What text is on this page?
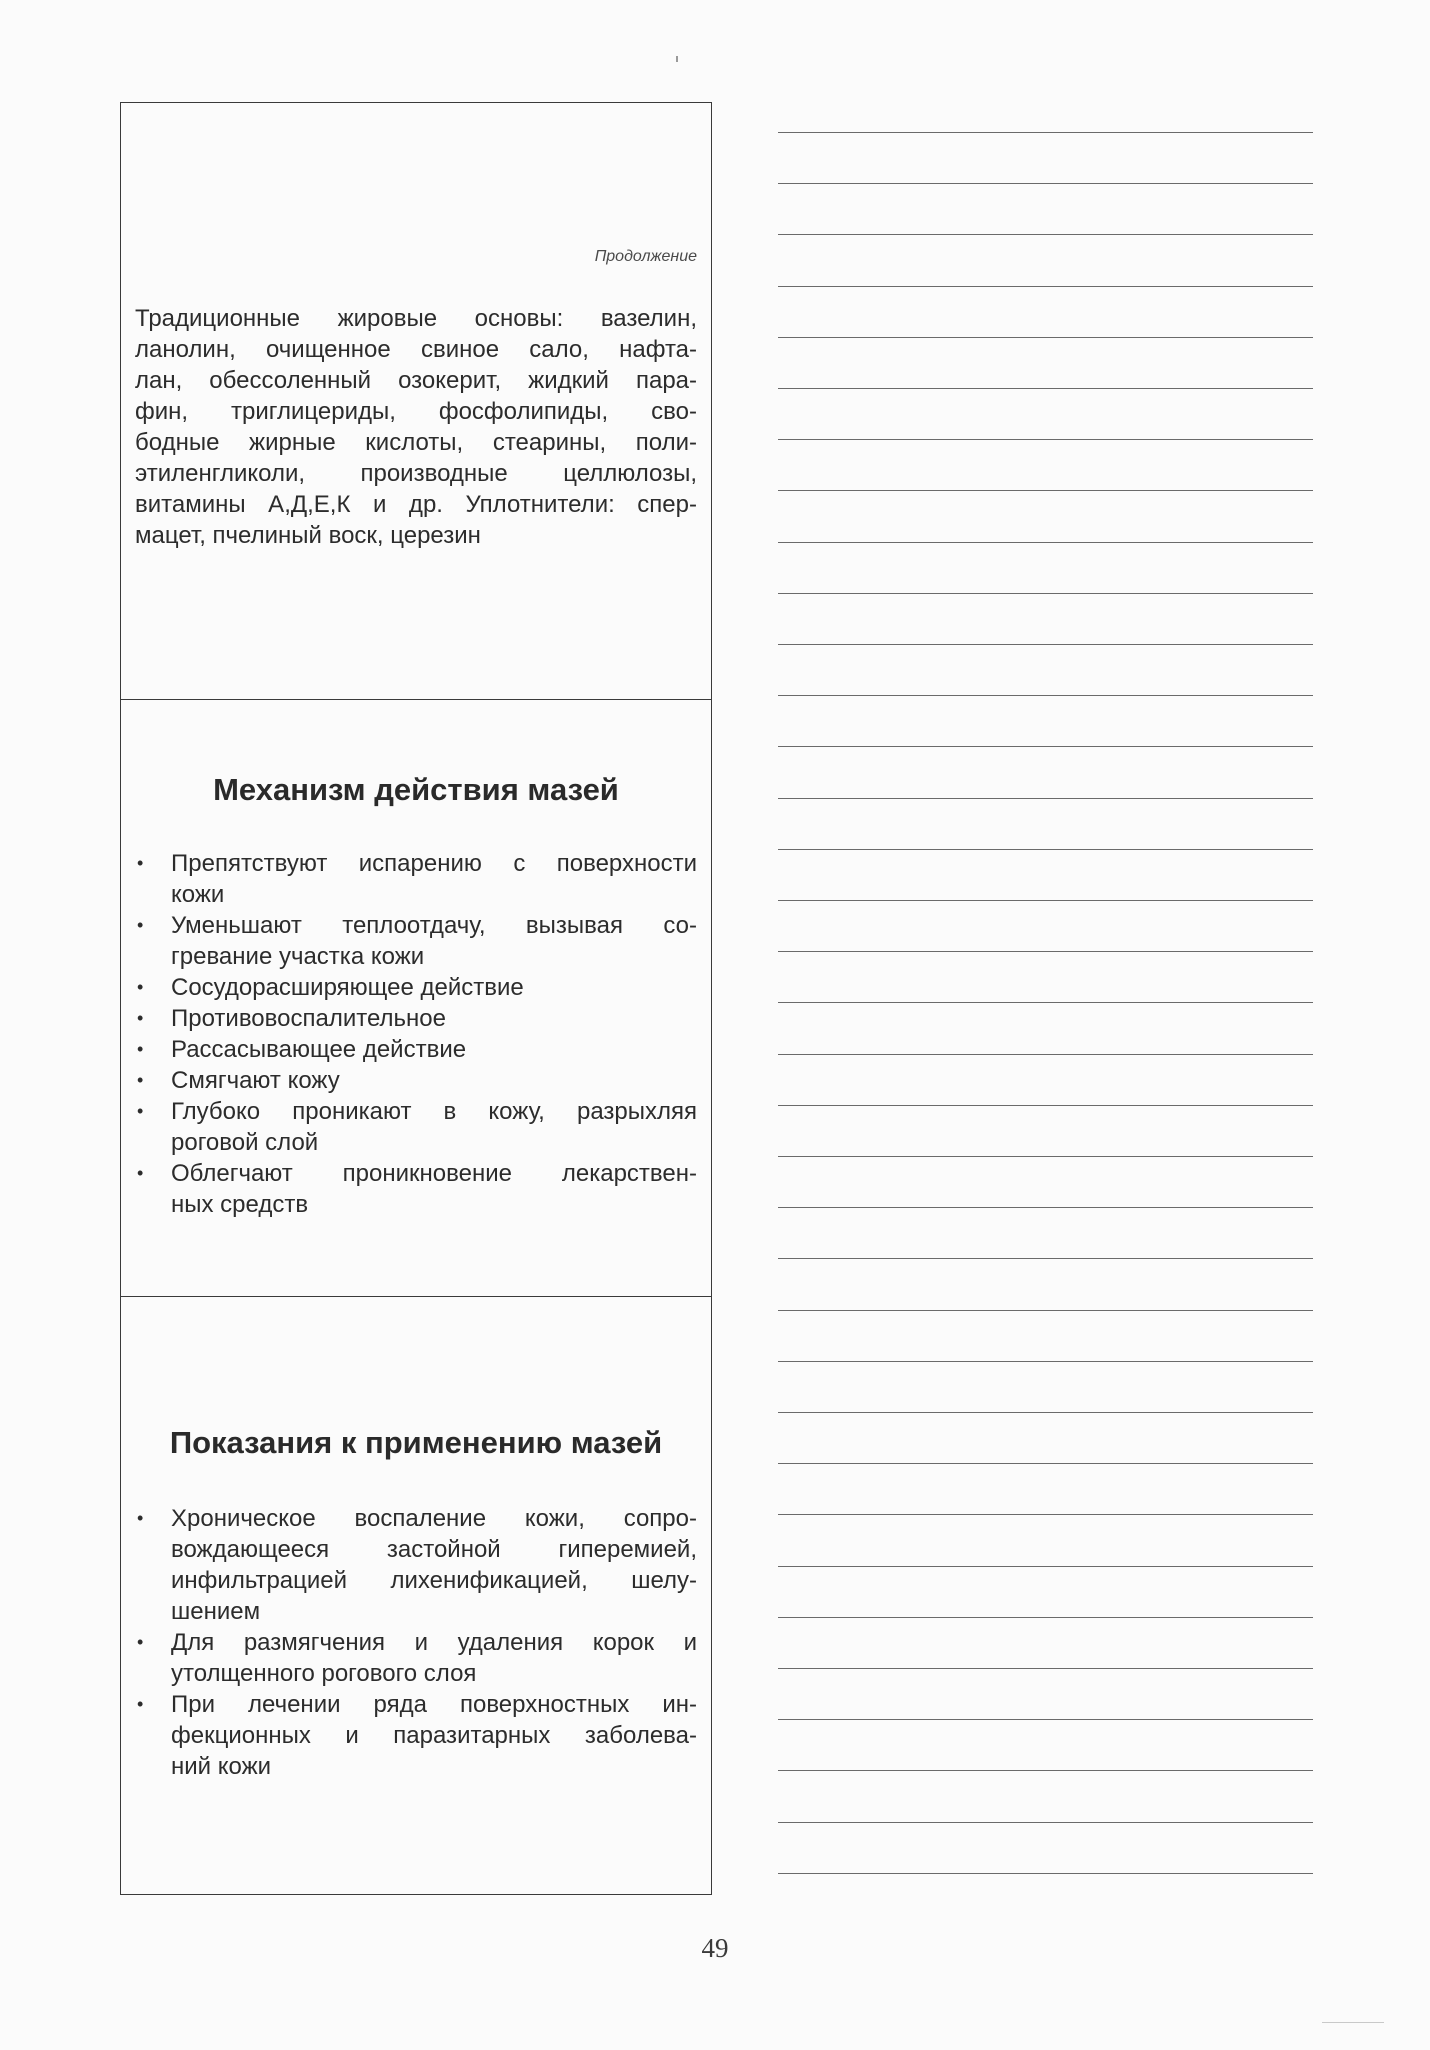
Продолжение
Традиционные жировые основы: вазелин,
ланолин, очищенное свиное сало, нафта-
лан, обессоленный озокерит, жидкий пара-
фин, триглицериды, фосфолипиды, сво-
бодные жирные кислоты, стеарины, поли-
этиленгликоли, производные целлюлозы,
витамины А,Д,Е,К и др. Уплотнители: спер-
мацет, пчелиный воск, церезин
Механизм действия мазей
•	Препятствуют испарению с поверхности
кожи
•	Уменьшают теплоотдачу, вызывая со-
гревание участка кожи
•	Сосудорасширяющее действие
•	Противовоспалительное
•	Рассасывающее действие
•	Смягчают кожу
•	Глубоко проникают в кожу, разрыхляя
роговой слой
•	Облегчают проникновение лекарствен-
ных средств
Показания к применению мазей
•	Хроническое воспаление кожи, сопро-
вождающееся застойной гиперемией,
инфильтрацией лихенификацией, шелу-
шением
•	Для размягчения и удаления корок и
утолщенного рогового слоя
•	При лечении ряда поверхностных ин-
фекционных и паразитарных заболева-
ний кожи
49
